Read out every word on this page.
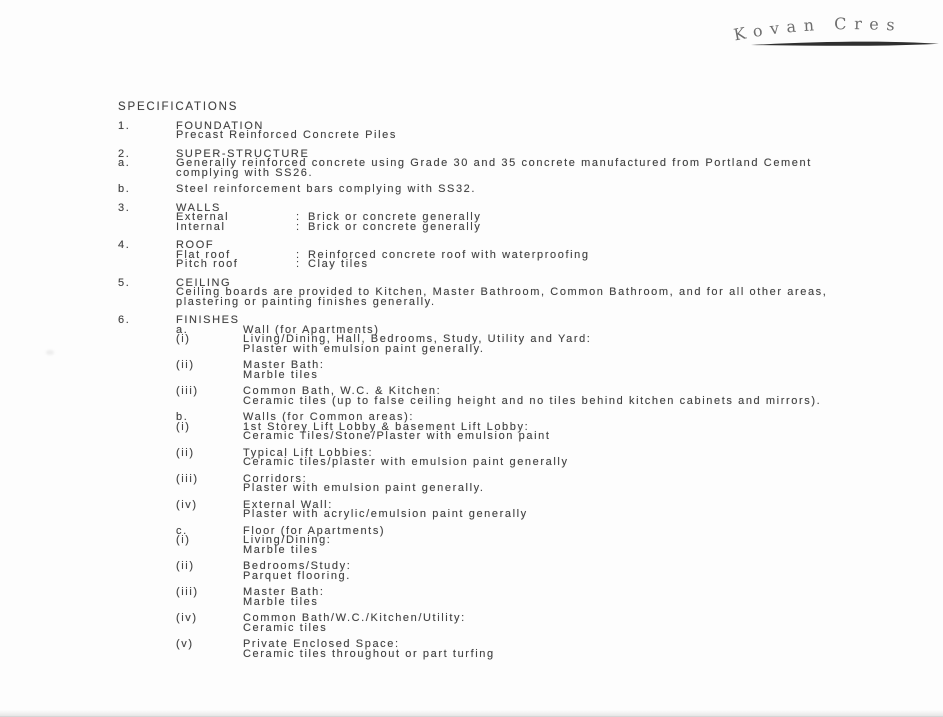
Kovan Cres
SPECIFICATIONS
1.	FOUNDATION
Precast Reinforced Concrete Piles
2.	SUPER-STRUCTURE
a.	Generally reinforced concrete using Grade 30 and 35 concrete manufactured from Portland Cement
complying with SS26.
b.	Steel reinforcement bars complying with SS32.
3.	WALLS
External	: Brick or concrete generally
Internal	: Brick or concrete generally
4.	ROOF
Flat roof	: Reinforced concrete roof with waterproofing
Pitch roof	: Clay tiles
5.	CEILING
Ceiling boards are provided to Kitchen, Master Bathroom, Common Bathroom, and for all other areas,
plastering or painting finishes generally.
6.	FINISHES
a.	Wall (for Apartments)
(i)	Living/Dining, Hall, Bedrooms, Study, Utility and Yard:
Plaster with emulsion paint generally.
(ii)	Master Bath:
Marble tiles
(iii)	Common Bath, W.C. & Kitchen:
Ceramic tiles (up to false ceiling height and no tiles behind kitchen cabinets and mirrors).
b.	Walls (for Common areas):
(i)	1st Storey Lift Lobby & basement Lift Lobby:
Ceramic Tiles/Stone/Plaster with emulsion paint
(ii)	Typical Lift Lobbies:
Ceramic tiles/plaster with emulsion paint generally
(iii)	Corridors:
Plaster with emulsion paint generally.
(iv)	External Wall:
Plaster with acrylic/emulsion paint generally
c.	Floor (for Apartments)
(i)	Living/Dining:
Marble tiles
(ii)	Bedrooms/Study:
Parquet flooring.
(iii)	Master Bath:
Marble tiles
(iv)	Common Bath/W.C./Kitchen/Utility:
Ceramic tiles
(v)	Private Enclosed Space:
Ceramic tiles throughout or part turfing
